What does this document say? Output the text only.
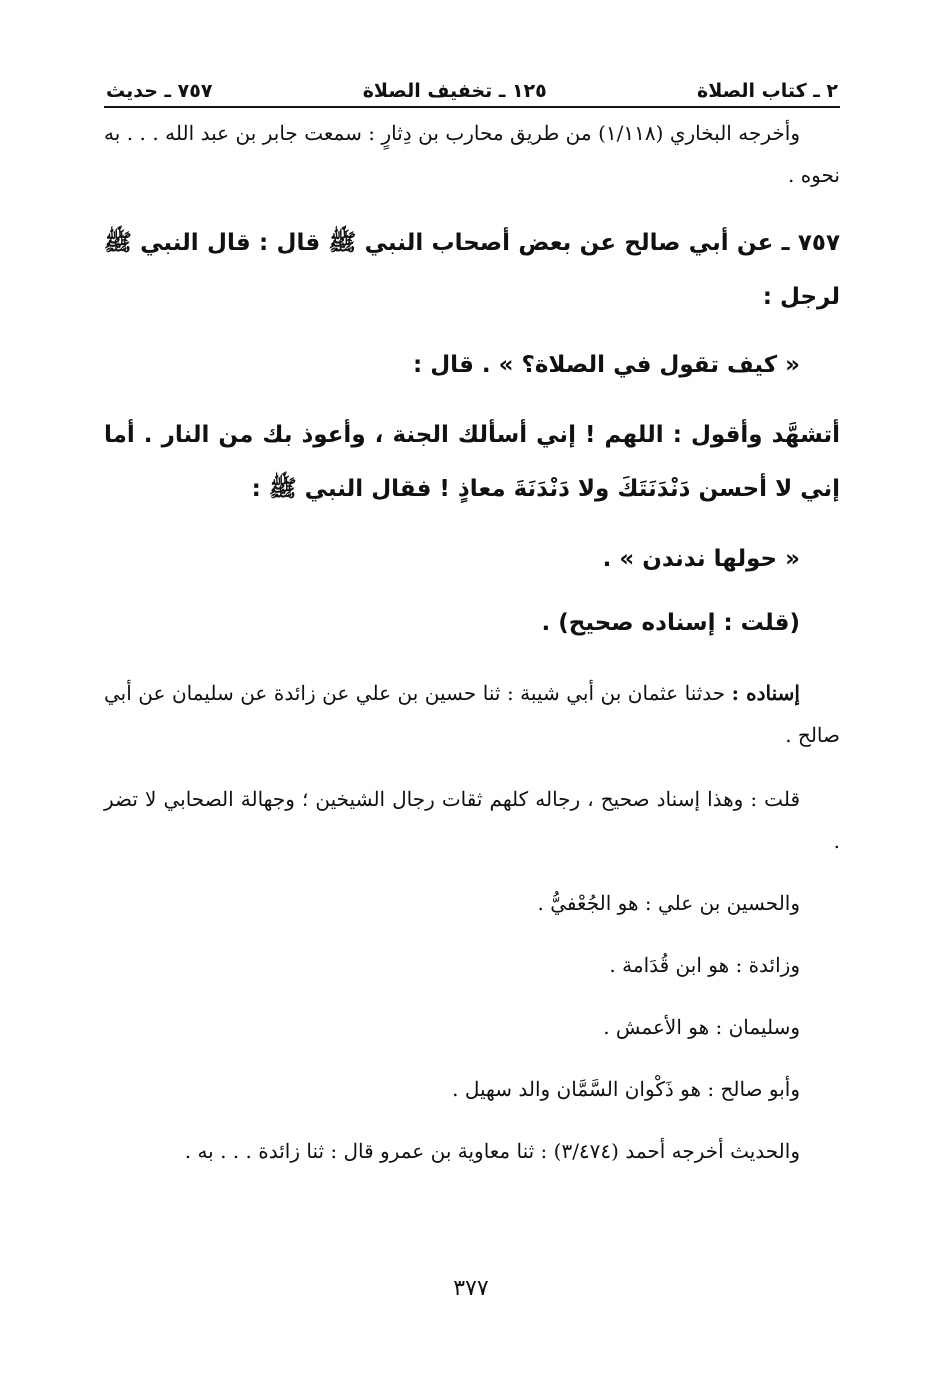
٢ ـ كتاب الصلاة
١٢٥ ـ تخفيف الصلاة
٧٥٧ ـ حديث

وأخرجه البخاري (١/١١٨) من طريق محارب بن دِثارٍ : سمعت جابر بن عبد الله . . . به نحوه .

٧٥٧ ـ عن أبي صالح عن بعض أصحاب النبي ﷺ قال : قال النبي ﷺ لرجل :

« كيف تقول في الصلاة؟ » . قال :

أتشهَّد وأقول : اللهم ! إني أسألك الجنة ، وأعوذ بك من النار . أما إني لا أحسن دَنْدَنَتَكَ ولا دَنْدَنَةَ معاذٍ ! فقال النبي ﷺ :

« حولها ندندن » .

(قلت : إسناده صحيح) .

إسناده : حدثنا عثمان بن أبي شيبة : ثنا حسين بن علي عن زائدة عن سليمان عن أبي صالح .

قلت : وهذا إسناد صحيح ، رجاله كلهم ثقات رجال الشيخين ؛ وجهالة الصحابي لا تضر .

والحسين بن علي : هو الجُعْفيُّ .

وزائدة : هو ابن قُدَامة .

وسليمان : هو الأعمش .

وأبو صالح : هو ذَكْوان السَّمَّان والد سهيل .

والحديث أخرجه أحمد (٣/٤٧٤) : ثنا معاوية بن عمرو قال : ثنا زائدة . . . به .

٣٧٧
